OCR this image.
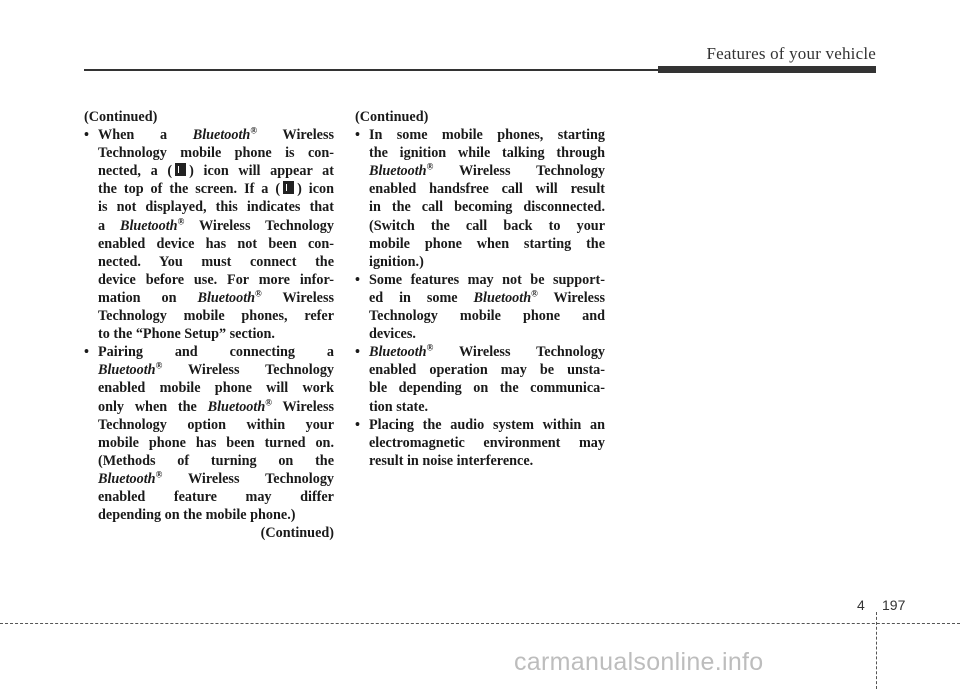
Features of your vehicle

(Continued)

• When a Bluetooth® Wireless

Technology mobile phone is con-

nected, a ( ) icon will appear at

the top of the screen. If a ( ) icon

is not displayed, this indicates that

a Bluetooth® Wireless Technology

enabled device has not been con-

nected. You must connect the

device before use. For more infor-

mation on Bluetooth® Wireless

Technology mobile phones, refer

to the “Phone Setup” section.

• Pairing and connecting a

Bluetooth® Wireless Technology

enabled mobile phone will work

only when the Bluetooth® Wireless

Technology option within your

mobile phone has been turned on.

(Methods of turning on the

Bluetooth® Wireless Technology

enabled feature may differ

depending on the mobile phone.)

(Continued)

(Continued)

• In some mobile phones, starting

the ignition while talking through

Bluetooth® Wireless Technology

enabled handsfree call will result

in the call becoming disconnected.

(Switch the call back to your

mobile phone when starting the

ignition.)

• Some features may not be support-

ed in some Bluetooth® Wireless

Technology mobile phone and

devices.

• Bluetooth® Wireless Technology

enabled operation may be unsta-

ble depending on the communica-

tion state.

• Placing the audio system within an

electromagnetic environment may

result in noise interference.

4 197
carmanualsonline.info
